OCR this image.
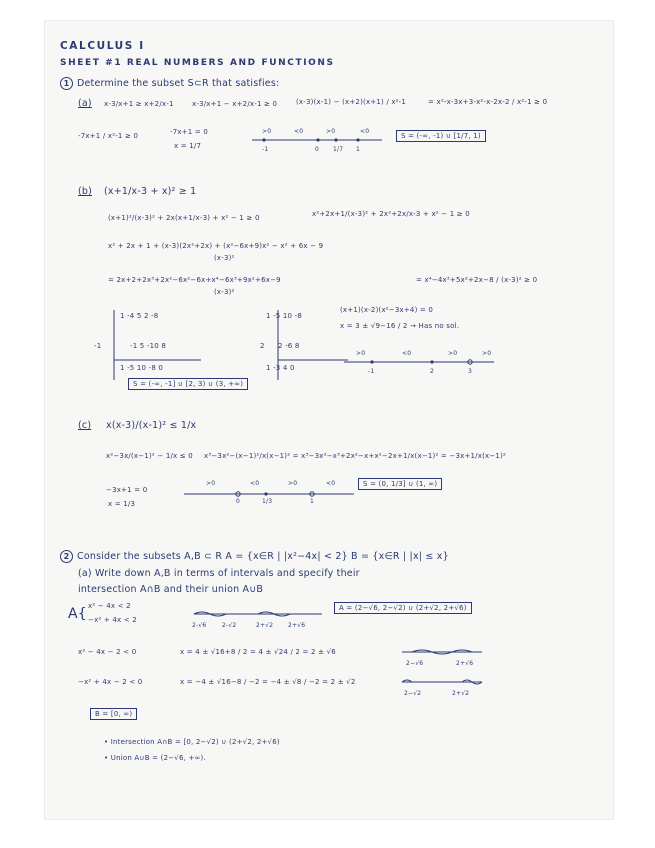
CALCULUS I
SHEET #1 REAL NUMBERS AND FUNCTIONS
1 Determine the subset S⊂R that satisfies:
(a) x-3/x+1 ≥ x+2/x-1	x-3/x+1 − x+2/x-1 ≥ 0	(x-3)(x-1) − (x+2)(x+1) / x²-1	= x²-x-3x+3-x²-x-2x-2 / x²-1 ≥ 0
-7x+1 / x²-1 ≥ 0	-7x+1 = 0
x = 1/7
>0	<0	>0	<0
-1	0 1/7 1
S = (-∞, -1) ∪ [1/7, 1)
(b) (x+1/x-3 + x)² ≥ 1
(x+1)²/(x-3)² + 2x(x+1/x-3) + x² − 1 ≥ 0	x²+2x+1/(x-3)² + 2x²+2x/x-3 + x² − 1 ≥ 0
x² + 2x + 1 + (x-3)(2x²+2x) + (x²−6x+9)x² − x² + 6x − 9
(x-3)²
= 2x+2+2x³+2x²−6x²−6x+x⁴−6x³+9x²+6x−9
(x-3)²
= x⁴−4x³+5x²+2x−8 / (x-3)² ≥ 0
1 -4 5 2 -8
-1	-1 5 -10 8
1 -5 10 -8 0
1 -5 10 -8
2 2 -6 8
1 -3 4 0
(x+1)(x-2)(x²−3x+4) = 0
x = 3 ± √9−16 / 2 → Has no sol.
>0	<0	>0	>0
-1	2	3
S = (-∞, -1] ∪ [2, 3) ∪ (3, +∞)
(c) x(x-3)/(x-1)² ≤ 1/x
x²−3x/(x−1)² − 1/x ≤ 0 x³−3x²−(x−1)²/x(x−1)² = x³−3x²−x³+2x²−x+x²−2x+1/x(x−1)² = −3x+1/x(x−1)²
−3x+1 = 0
x = 1/3
>0	<0	>0	<0
0	1/3	1
S = (0, 1/3] ∪ (1, ∞)
2 Consider the subsets A,B ⊂ R A = {x∈R | |x²−4x| < 2} B = {x∈R | |x| ≤ x}
(a) Write down A,B in terms of intervals and specify their
intersection A∩B and their union A∪B
A{ x² − 4x < 2
−x² + 4x < 2
2-√6	2-√2	2+√2 2+√6
A = (2−√6, 2−√2) ∪ (2+√2, 2+√6)
x² − 4x − 2 < 0	x = 4 ± √16+8 / 2 = 4 ± √24 / 2 = 2 ± √6
2−√6	2+√6
−x² + 4x − 2 < 0	x = −4 ± √16−8 / −2 = −4 ± √8 / −2 = 2 ± √2
2−√2	2+√2
B = [0, ∞)
• Intersection A∩B = [0, 2−√2) ∪ (2+√2, 2+√6)
• Union A∪B = (2−√6, +∞).
